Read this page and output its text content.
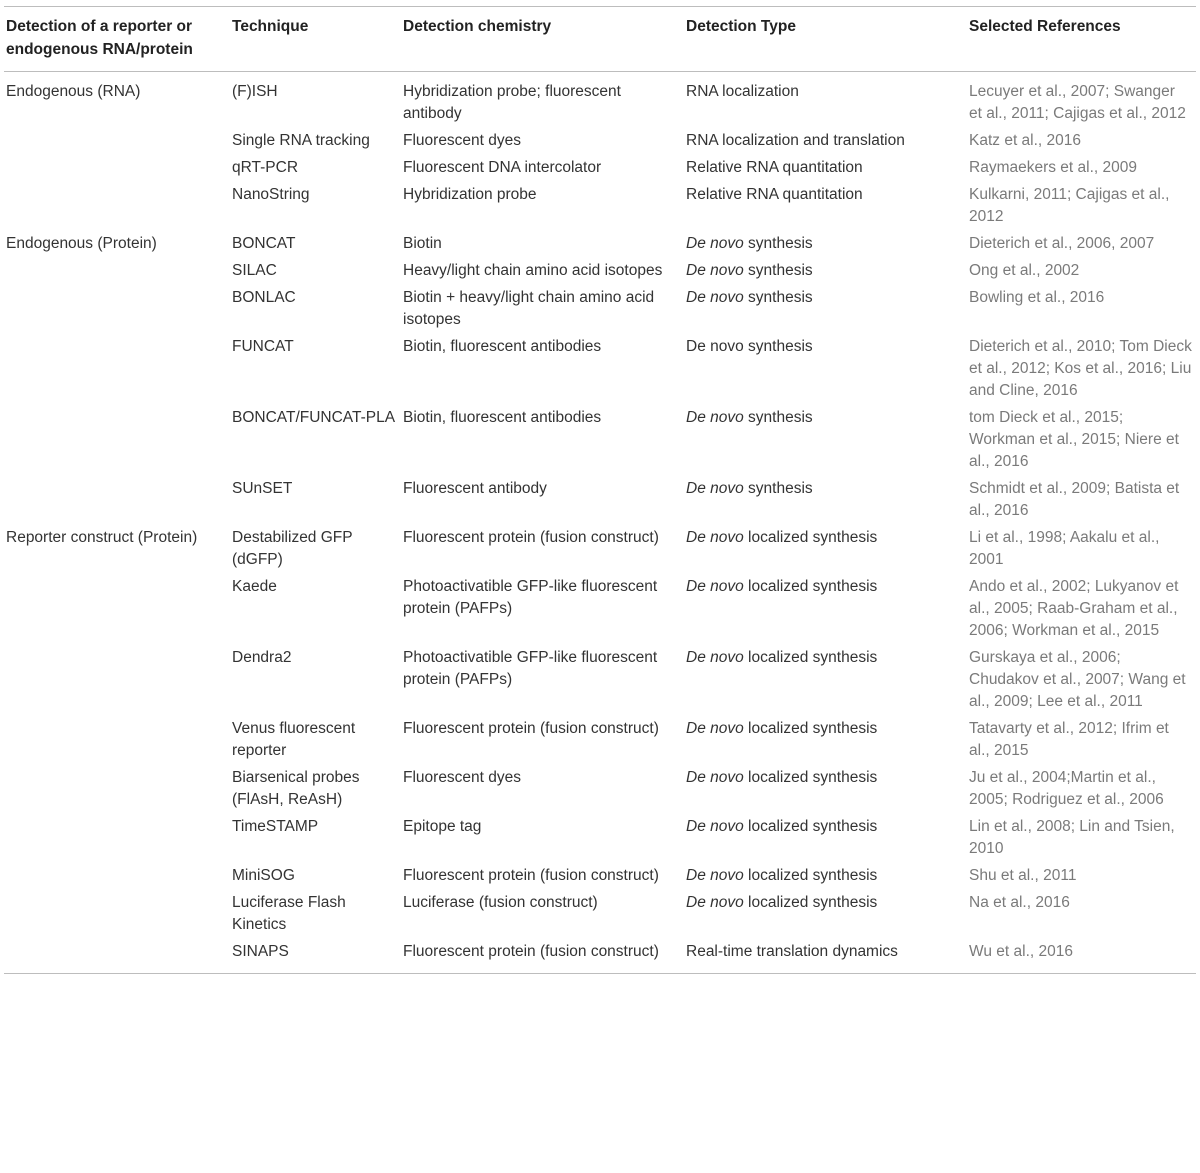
Detection of a reporter or endogenous RNA/protein	Technique	Detection chemistry	Detection Type	Selected References
Endogenous (RNA)	(F)ISH	Hybridization probe; fluorescent antibody	RNA localization	Lecuyer et al., 2007; Swanger et al., 2011; Cajigas et al., 2012
	Single RNA tracking	Fluorescent dyes	RNA localization and translation	Katz et al., 2016
	qRT-PCR	Fluorescent DNA intercolator	Relative RNA quantitation	Raymaekers et al., 2009
	NanoString	Hybridization probe	Relative RNA quantitation	Kulkarni, 2011; Cajigas et al., 2012
Endogenous (Protein)	BONCAT	Biotin	De novo synthesis	Dieterich et al., 2006, 2007
	SILAC	Heavy/light chain amino acid isotopes	De novo synthesis	Ong et al., 2002
	BONLAC	Biotin + heavy/light chain amino acid isotopes	De novo synthesis	Bowling et al., 2016
	FUNCAT	Biotin, fluorescent antibodies	De novo synthesis	Dieterich et al., 2010; Tom Dieck et al., 2012; Kos et al., 2016; Liu and Cline, 2016
	BONCAT/FUNCAT-PLA	Biotin, fluorescent antibodies	De novo synthesis	tom Dieck et al., 2015; Workman et al., 2015; Niere et al., 2016
	SUnSET	Fluorescent antibody	De novo synthesis	Schmidt et al., 2009; Batista et al., 2016
Reporter construct (Protein)	Destabilized GFP (dGFP)	Fluorescent protein (fusion construct)	De novo localized synthesis	Li et al., 1998; Aakalu et al., 2001
	Kaede	Photoactivatible GFP-like fluorescent protein (PAFPs)	De novo localized synthesis	Ando et al., 2002; Lukyanov et al., 2005; Raab-Graham et al., 2006; Workman et al., 2015
	Dendra2	Photoactivatible GFP-like fluorescent protein (PAFPs)	De novo localized synthesis	Gurskaya et al., 2006; Chudakov et al., 2007; Wang et al., 2009; Lee et al., 2011
	Venus fluorescent reporter	Fluorescent protein (fusion construct)	De novo localized synthesis	Tatavarty et al., 2012; Ifrim et al., 2015
	Biarsenical probes (FlAsH, ReAsH)	Fluorescent dyes	De novo localized synthesis	Ju et al., 2004;Martin et al., 2005; Rodriguez et al., 2006
	TimeSTAMP	Epitope tag	De novo localized synthesis	Lin et al., 2008; Lin and Tsien, 2010
	MiniSOG	Fluorescent protein (fusion construct)	De novo localized synthesis	Shu et al., 2011
	Luciferase Flash Kinetics	Luciferase (fusion construct)	De novo localized synthesis	Na et al., 2016
	SINAPS	Fluorescent protein (fusion construct)	Real-time translation dynamics	Wu et al., 2016
